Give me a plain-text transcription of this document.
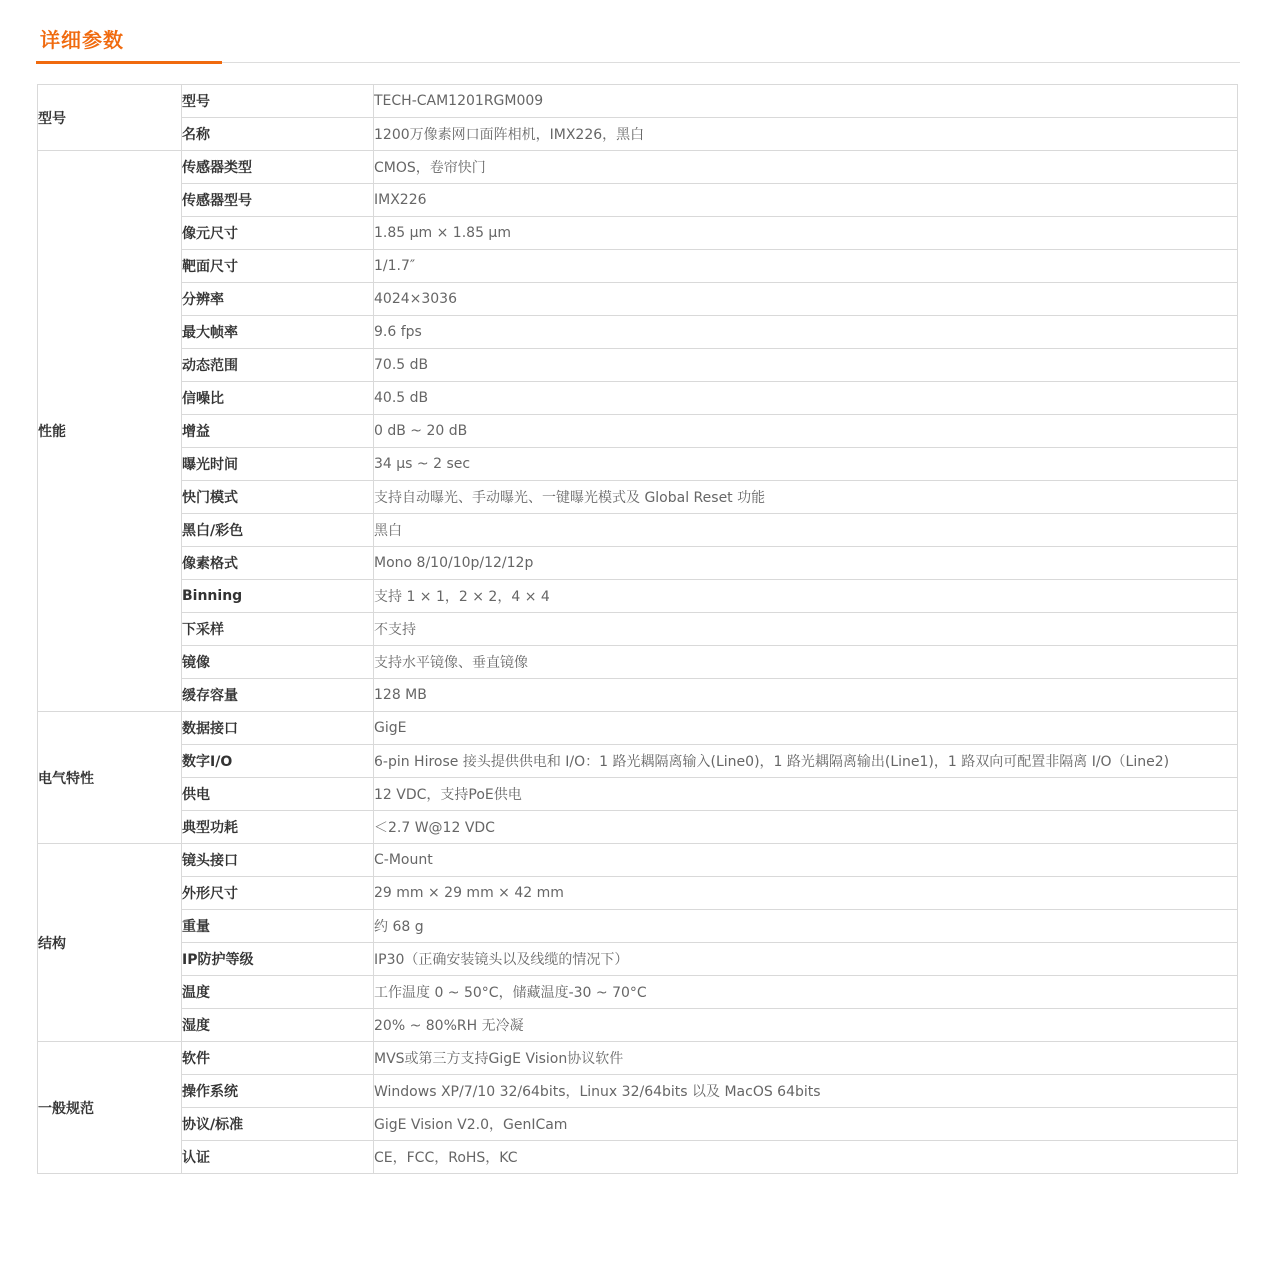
详细参数
型号	型号	TECH-CAM1201RGM009
	名称	1200万像素网口面阵相机，IMX226，黑白
性能	传感器类型	CMOS，卷帘快门
	传感器型号	IMX226
	像元尺寸	1.85 µm × 1.85 µm
	靶面尺寸	1/1.7″
	分辨率	4024×3036
	最大帧率	9.6 fps
	动态范围	70.5 dB
	信噪比	40.5 dB
	增益	0 dB ~ 20 dB
	曝光时间	34 μs ~ 2 sec
	快门模式	支持自动曝光、手动曝光、一键曝光模式及 Global Reset 功能
	黑白/彩色	黑白
	像素格式	Mono 8/10/10p/12/12p
	Binning	支持 1 × 1，2 × 2，4 × 4
	下采样	不支持
	镜像	支持水平镜像、垂直镜像
	缓存容量	128 MB
电气特性	数据接口	GigE
	数字I/O	6-pin Hirose 接头提供供电和 I/O：1 路光耦隔离输入(Line0)，1 路光耦隔离输出(Line1)，1 路双向可配置非隔离 I/O（Line2)
	供电	12 VDC，支持PoE供电
	典型功耗	＜2.7 W@12 VDC
结构	镜头接口	C-Mount
	外形尺寸	29 mm × 29 mm × 42 mm
	重量	约 68 g
	IP防护等级	IP30（正确安装镜头以及线缆的情况下）
	温度	工作温度 0 ~ 50°C，储藏温度-30 ~ 70°C
	湿度	20% ~ 80%RH 无冷凝
一般规范	软件	MVS或第三方支持GigE Vision协议软件
	操作系统	Windows XP/7/10 32/64bits，Linux 32/64bits 以及 MacOS 64bits
	协议/标准	GigE Vision V2.0，GenICam
	认证	CE，FCC，RoHS，KC
